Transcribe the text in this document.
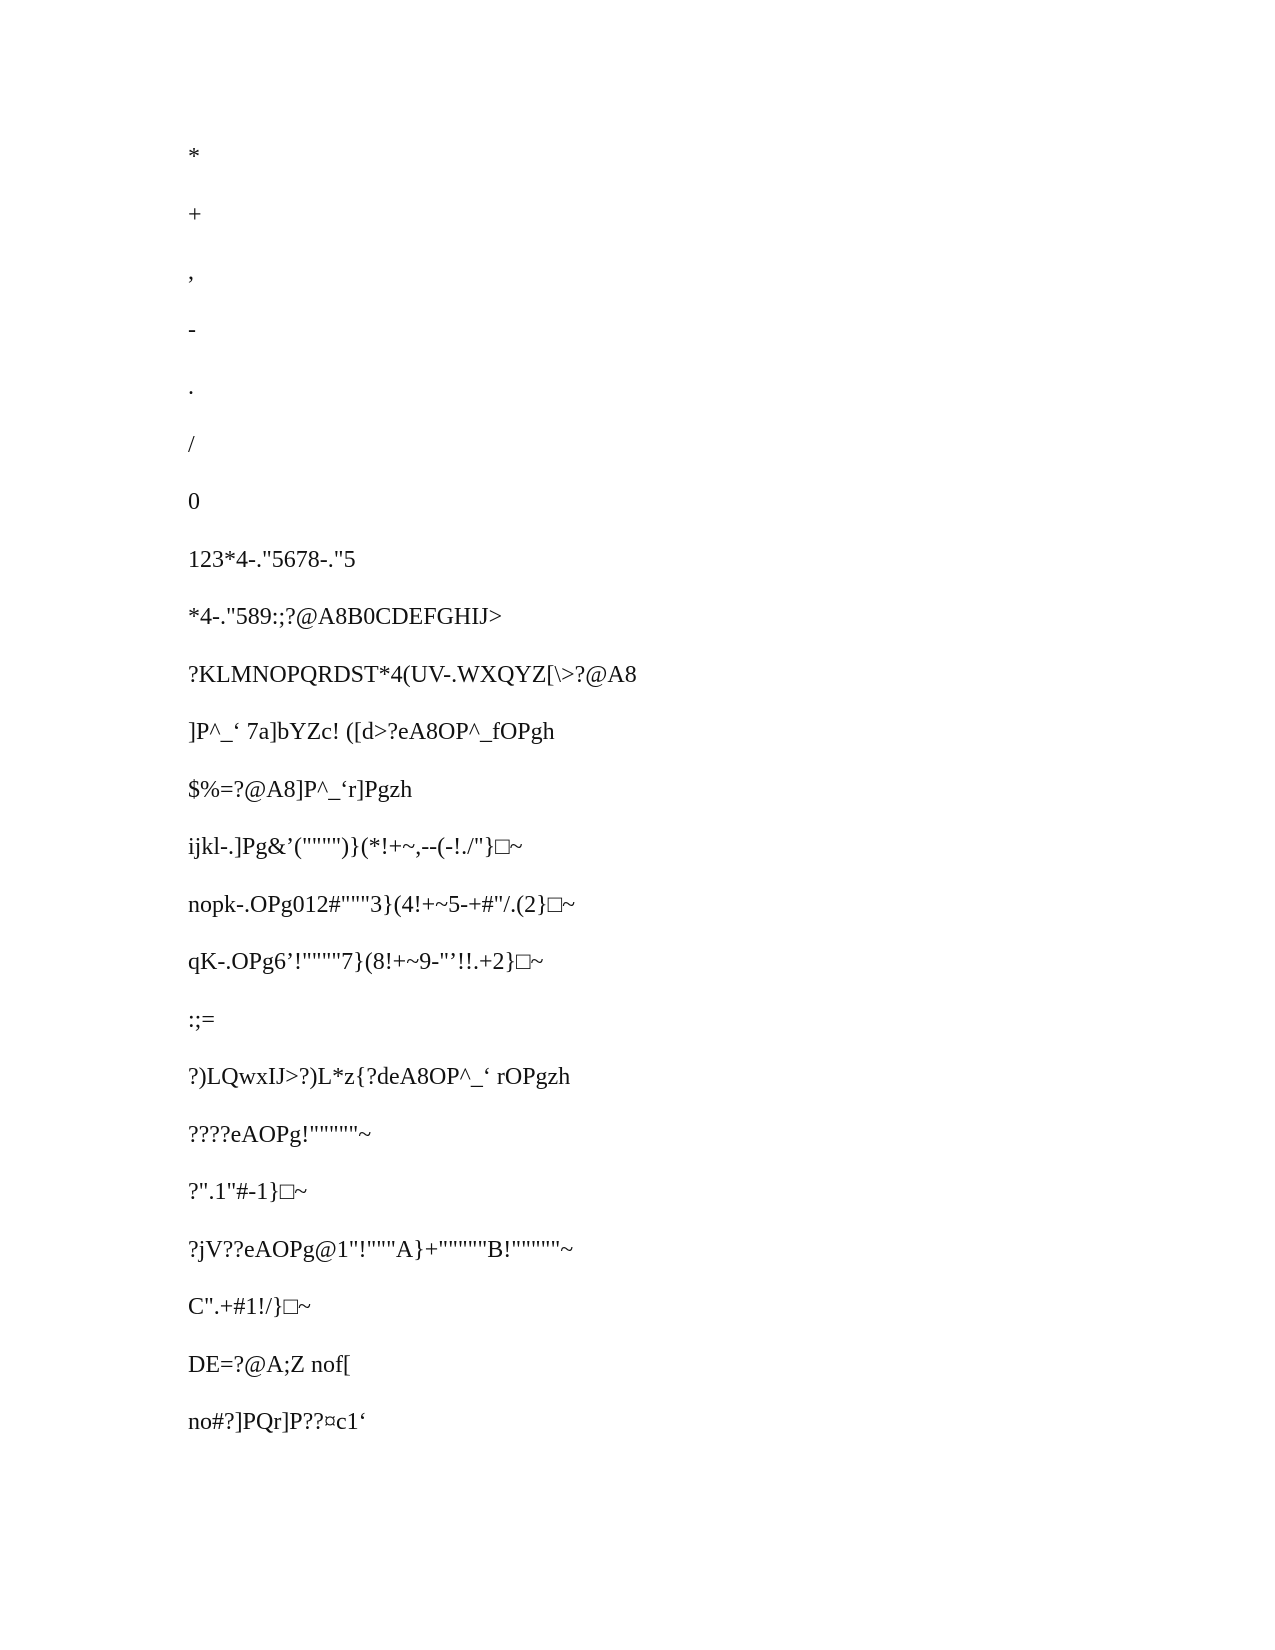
*
+
,
-
.
/
0
123*4-."5678-."5
*4-."589:;?@A8B0CDEFGHIJ>
?KLMNOPQRDST*4(UV-.WXQYZ[\>?@A8
]P^_‘ 7a]bYZc! ([d>?eA8OP^_fOPgh
$%=?@A8]P^_‘r]Pgzh
ijkl-.]Pg&’("""")}(*!+~,--(-!./"}□~
nopk-.OPg012#"""3}(4!+~5-+#"/.(2}□~
qK-.OPg6’!""""7}(8!+~9-"’!!.+2}□~
:;=
?)LQwxIJ>?)L*z{?deA8OP^_‘ rOPgzh
????eAOPg!"""""~
?".1"#-1}□~
?jV??eAOPg@1"!"""A}+"""""B!"""""~
C".+#1!/}□~
DE=?@A;Z nof[
no#?]PQr]P??¤c1‘
